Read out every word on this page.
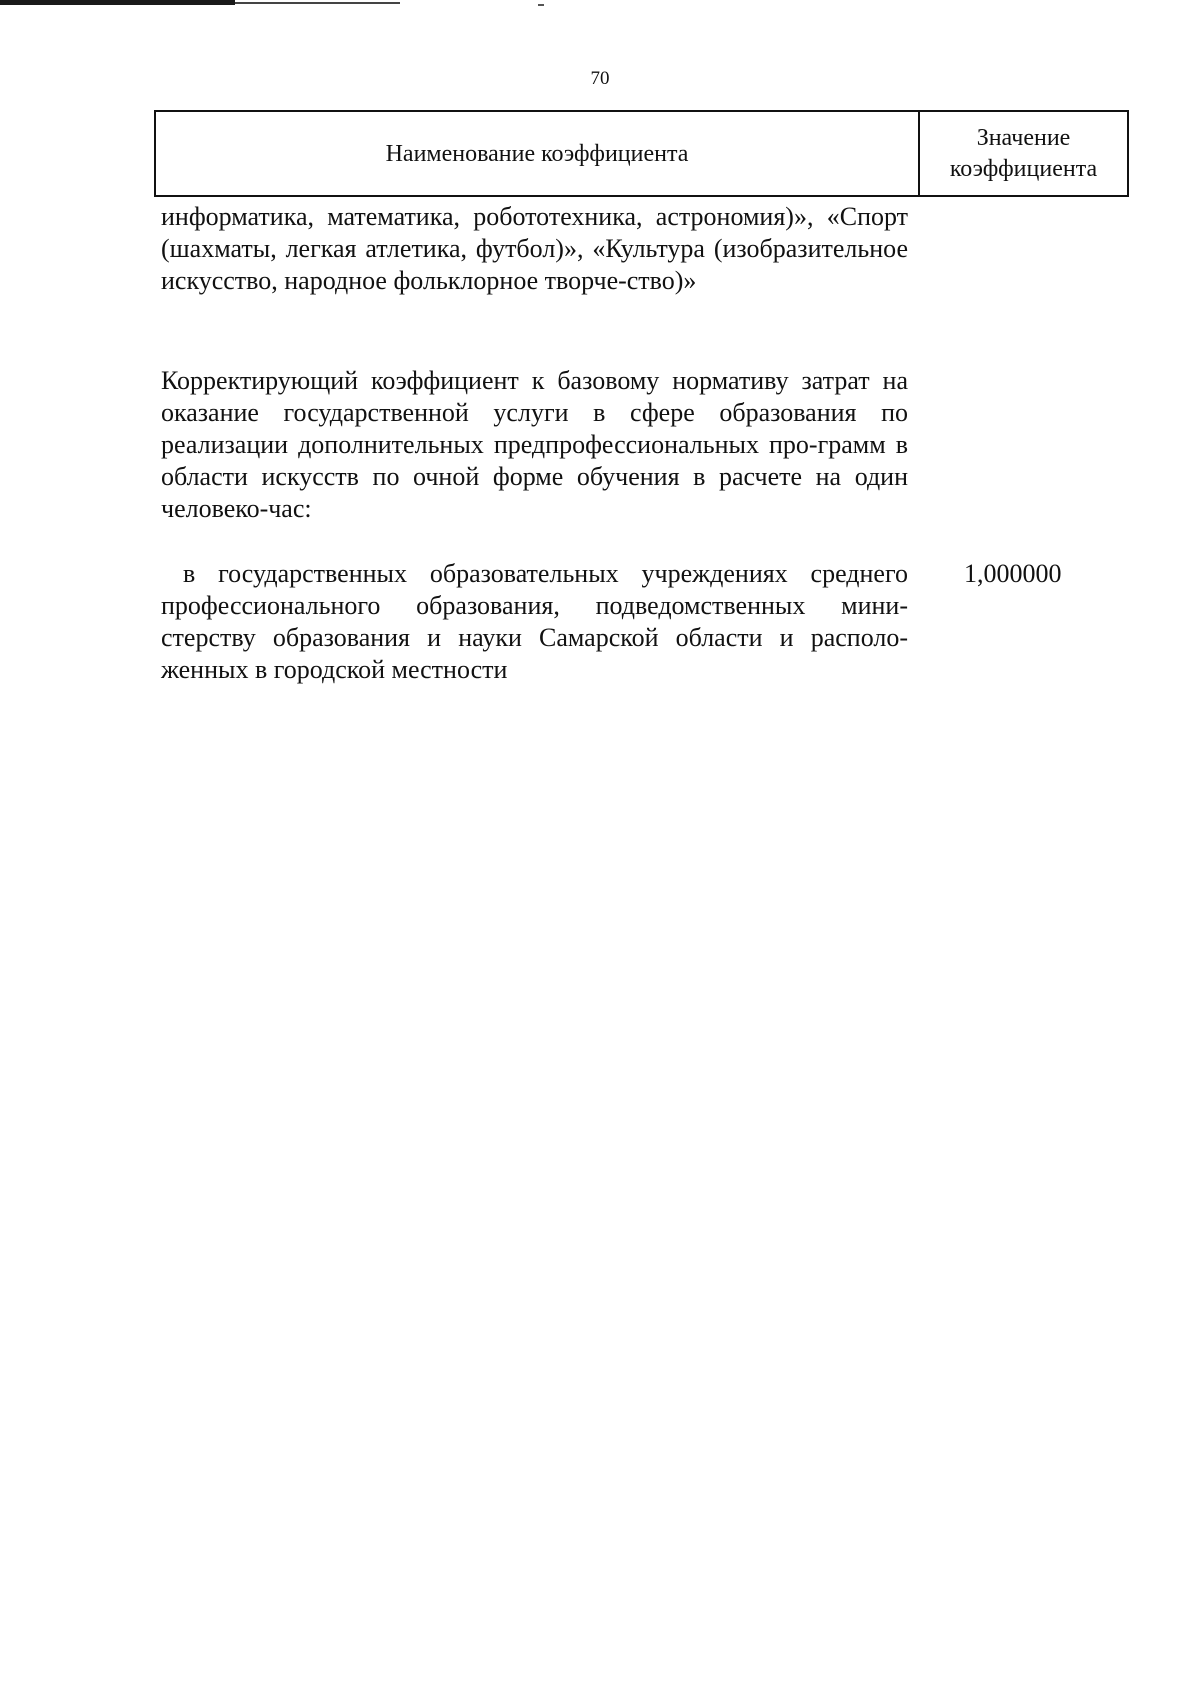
70
Наименование коэффициента
Значение коэффициента
информатика, математика, робототехника, астрономия)», «Спорт (шахматы, легкая атлетика, футбол)», «Культура (изобразительное искусство, народное фольклорное творче-ство)»
Корректирующий коэффициент к базовому нормативу затрат на оказание государственной услуги в сфере образования по реализации дополнительных предпрофессиональных про-грамм в области искусств по очной форме обучения в расчете на один человеко-час:
в государственных образовательных учреждениях среднего профессионального образования, подведомственных мини-стерству образования и науки Самарской области и располо-женных в городской местности
1,000000
